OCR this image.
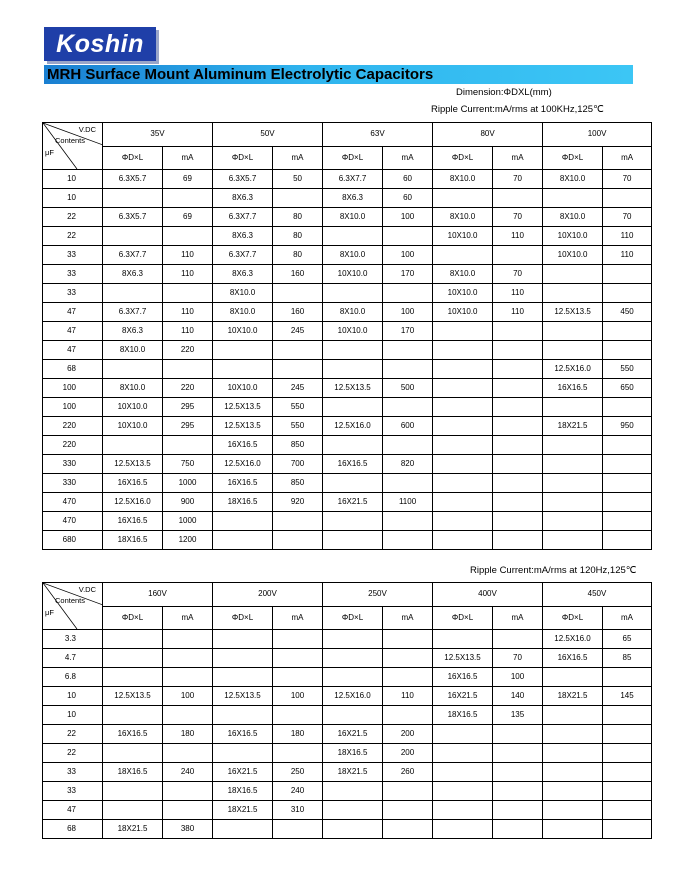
Koshin
MRH Surface Mount Aluminum Electrolytic Capacitors
Dimension:ΦDXL(mm)
Ripple Current:mA/rms at 100KHz,125℃
V.DC
Contents
μF	35V		50V		63V		80V		100V	
	ΦD×L	mA	ΦD×L	mA	ΦD×L	mA	ΦD×L	mA	ΦD×L	mA
10	6.3X5.7	69	6.3X5.7	50	6.3X7.7	60	8X10.0	70	8X10.0	70
10			8X6.3		8X6.3	60				
22	6.3X5.7	69	6.3X7.7	80	8X10.0	100	8X10.0	70	8X10.0	70
22			8X6.3	80			10X10.0	110	10X10.0	110
33	6.3X7.7	110	6.3X7.7	80	8X10.0	100			10X10.0	110
33	8X6.3	110	8X6.3	160	10X10.0	170	8X10.0	70		
33			8X10.0				10X10.0	110		
47	6.3X7.7	110	8X10.0	160	8X10.0	100	10X10.0	110	12.5X13.5	450
47	8X6.3	110	10X10.0	245	10X10.0	170				
47	8X10.0	220								
68									12.5X16.0	550
100	8X10.0	220	10X10.0	245	12.5X13.5	500			16X16.5	650
100	10X10.0	295	12.5X13.5	550						
220	10X10.0	295	12.5X13.5	550	12.5X16.0	600			18X21.5	950
220			16X16.5	850						
330	12.5X13.5	750	12.5X16.0	700	16X16.5	820				
330	16X16.5	1000	16X16.5	850						
470	12.5X16.0	900	18X16.5	920	16X21.5	1100				
470	16X16.5	1000								
680	18X16.5	1200								
Ripple Current:mA/rms at 120Hz,125℃
V.DC
Contents
μF	160V		200V		250V		400V		450V	
	ΦD×L	mA	ΦD×L	mA	ΦD×L	mA	ΦD×L	mA	ΦD×L	mA
3.3									12.5X16.0	65
4.7							12.5X13.5	70	16X16.5	85
6.8							16X16.5	100		
10	12.5X13.5	100	12.5X13.5	100	12.5X16.0	110	16X21.5	140	18X21.5	145
10							18X16.5	135		
22	16X16.5	180	16X16.5	180	16X21.5	200				
22					18X16.5	200				
33	18X16.5	240	16X21.5	250	18X21.5	260				
33			18X16.5	240						
47			18X21.5	310						
68	18X21.5	380								
